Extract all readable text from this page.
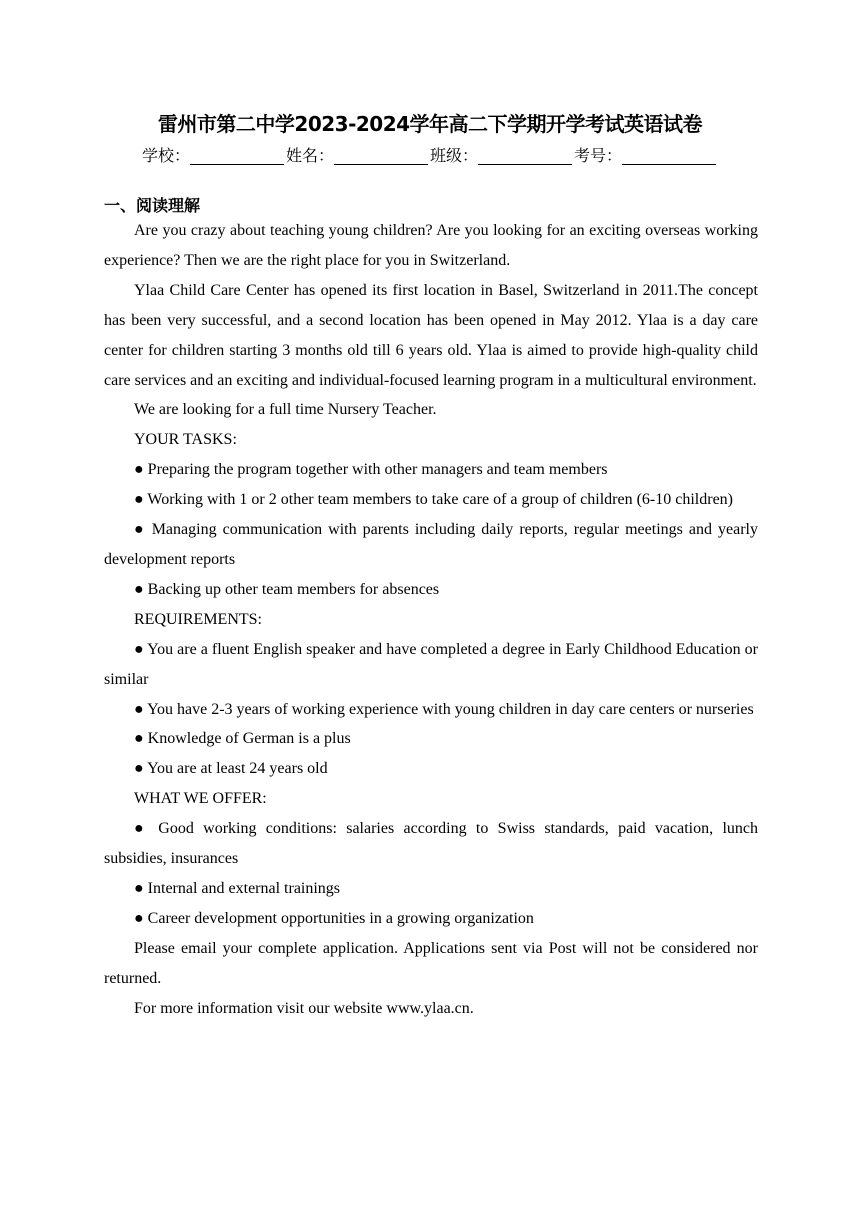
雷州市第二中学2023-2024学年高二下学期开学考试英语试卷
学校：	姓名：	班级：	考号：
一、阅读理解

Are you crazy about teaching young children? Are you looking for an exciting overseas working experience? Then we are the right place for you in Switzerland.

Ylaa Child Care Center has opened its first location in Basel, Switzerland in 2011.The concept has been very successful, and a second location has been opened in May 2012. Ylaa is a day care center for children starting 3 months old till 6 years old. Ylaa is aimed to provide high-quality child care services and an exciting and individual-focused learning program in a multicultural environment.

We are looking for a full time Nursery Teacher.

YOUR TASKS:

● Preparing the program together with other managers and team members

● Working with 1 or 2 other team members to take care of a group of children (6-10 children)

● Managing communication with parents including daily reports, regular meetings and yearly development reports

● Backing up other team members for absences

REQUIREMENTS:

● You are a fluent English speaker and have completed a degree in Early Childhood Education or similar

● You have 2-3 years of working experience with young children in day care centers or nurseries

● Knowledge of German is a plus

● You are at least 24 years old

WHAT WE OFFER:

● Good working conditions: salaries according to Swiss standards, paid vacation, lunch subsidies, insurances

● Internal and external trainings

● Career development opportunities in a growing organization

Please email your complete application. Applications sent via Post will not be considered nor returned.

For more information visit our website www.ylaa.cn.
